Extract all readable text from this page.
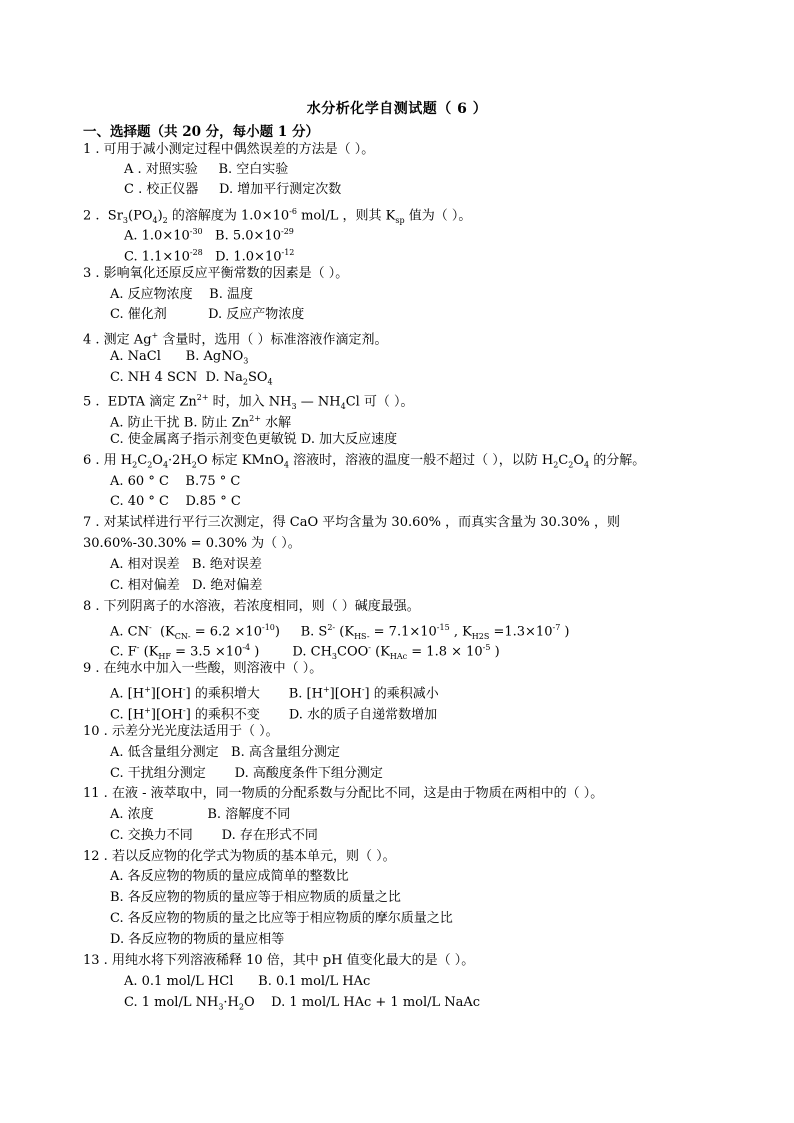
水分析化学自测试题（ 6 ）
一、选择题（共 20 分，每小题 1 分）
1 . 可用于减小测定过程中偶然误差的方法是（ ）。
A . 对照实验     B. 空白实验
C . 校正仪器     D. 增加平行测定次数
2 .  $Sr_3(PO_4)_2$ 的溶解度为 $1.0\times 10^{-6}$ mol/L ，则其 $K_{sp}$ 值为（ ）。
A. $1.0\times 10^{-30}$   B. $5.0\times 10^{-29}$
C. $1.1\times 10^{-28}$   D. $1.0\times 10^{-12}$
3 . 影响氧化还原反应平衡常数的因素是（ ）。
A. 反应物浓度    B. 温度
C. 催化剂          D. 反应产物浓度
4 . 测定 Ag+ 含量时，选用（ ）标准溶液作滴定剂。
A. NaCl      B. AgNO$_3$
C. NH 4 SCN  D. $Na_2SO_4$
5 .  EDTA 滴定 $Zn^{2+}$ 时，加入 $NH_3$ — $NH_4Cl$ 可（ ）。
A. 防止干扰 B. 防止 $Zn^{2+}$ 水解
C. 使金属离子指示剂变色更敏锐 D. 加大反应速度
6 . 用 $H_2C_2O_4\cdot 2H_2O$ 标定 KMnO$_4$ 溶液时，溶液的温度一般不超过（ ），以防 $H_2C_2O_4$ 的分解。
A. 60 ° C    B.75 ° C
C. 40 ° C    D.85 ° C
7 . 对某试样进行平行三次测定，得 CaO 平均含量为 30.60% ，而真实含量为 30.30% ，则
30.60%-30.30% = 0.30% 为（ ）。
A. 相对误差   B. 绝对误差
C. 相对偏差   D. 绝对偏差
8 . 下列阴离子的水溶液，若浓度相同，则（ ）碱度最强。
A. CN-  $(K_{CN-} = 6.2 \times 10^{-10})$     B. $S^{2-}$ ($K_{HS-} = 7.1\times 10^{-15}$ , $K_{H2S} =1.3\times 10^{-7}$ )
C. F- ($K_{HF} = 3.5 \times 10^{-4}$ )        D. $CH_3COO^-$ ($K_{HAc} = 1.8 \times 10^{-5}$ )
9 . 在纯水中加入一些酸，则溶液中（ ）。
A. [H+][OH-] 的乘积增大       B. [H+][OH-] 的乘积减小
C. [H+][OH-] 的乘积不变       D. 水的质子自递常数增加
10 . 示差分光光度法适用于（ ）。
A. 低含量组分测定   B. 高含量组分测定
C. 干扰组分测定       D. 高酸度条件下组分测定
11 . 在液 - 液萃取中，同一物质的分配系数与分配比不同，这是由于物质在两相中的（ ）。
A. 浓度             B. 溶解度不同
C. 交换力不同       D. 存在形式不同
12 . 若以反应物的化学式为物质的基本单元，则（ ）。
A. 各反应物的物质的量应成简单的整数比
B. 各反应物的物质的量应等于相应物质的质量之比
C. 各反应物的物质的量之比应等于相应物质的摩尔质量之比
D. 各反应物的物质的量应相等
13 . 用纯水将下列溶液稀释 10 倍，其中 pH 值变化最大的是（ ）。
A. 0.1 mol/L HCl      B. 0.1 mol/L HAc
C. 1 mol/L $NH_3\cdot H_2O$    D. 1 mol/L HAc + 1 mol/L NaAc
